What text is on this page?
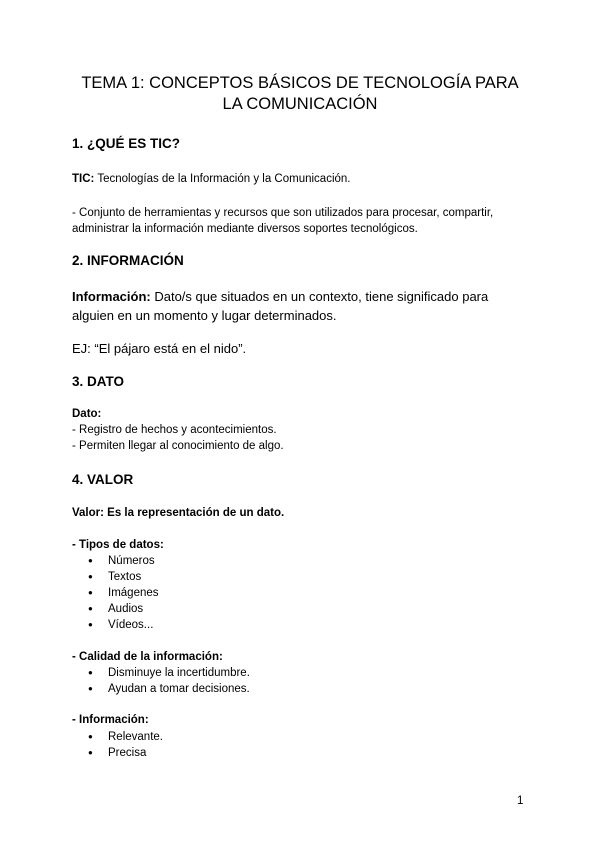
TEMA 1: CONCEPTOS BÁSICOS DE TECNOLOGÍA PARA
LA COMUNICACIÓN
1. ¿QUÉ ES TIC?

TIC: Tecnologías de la Información y la Comunicación.

- Conjunto de herramientas y recursos que son utilizados para procesar, compartir,
administrar la información mediante diversos soportes tecnológicos.

2. INFORMACIÓN

Información: Dato/s que situados en un contexto, tiene significado para
alguien en un momento y lugar determinados.

EJ: “El pájaro está en el nido”.

3. DATO

Dato:
- Registro de hechos y acontecimientos.
- Permiten llegar al conocimiento de algo.

4. VALOR

Valor: Es la representación de un dato.

- Tipos de datos:

● Números
● Textos
● Imágenes
● Audios
● Vídeos...

- Calidad de la información:

● Disminuye la incertidumbre.
● Ayudan a tomar decisiones.

- Información:

● Relevante.
● Precisa
1
